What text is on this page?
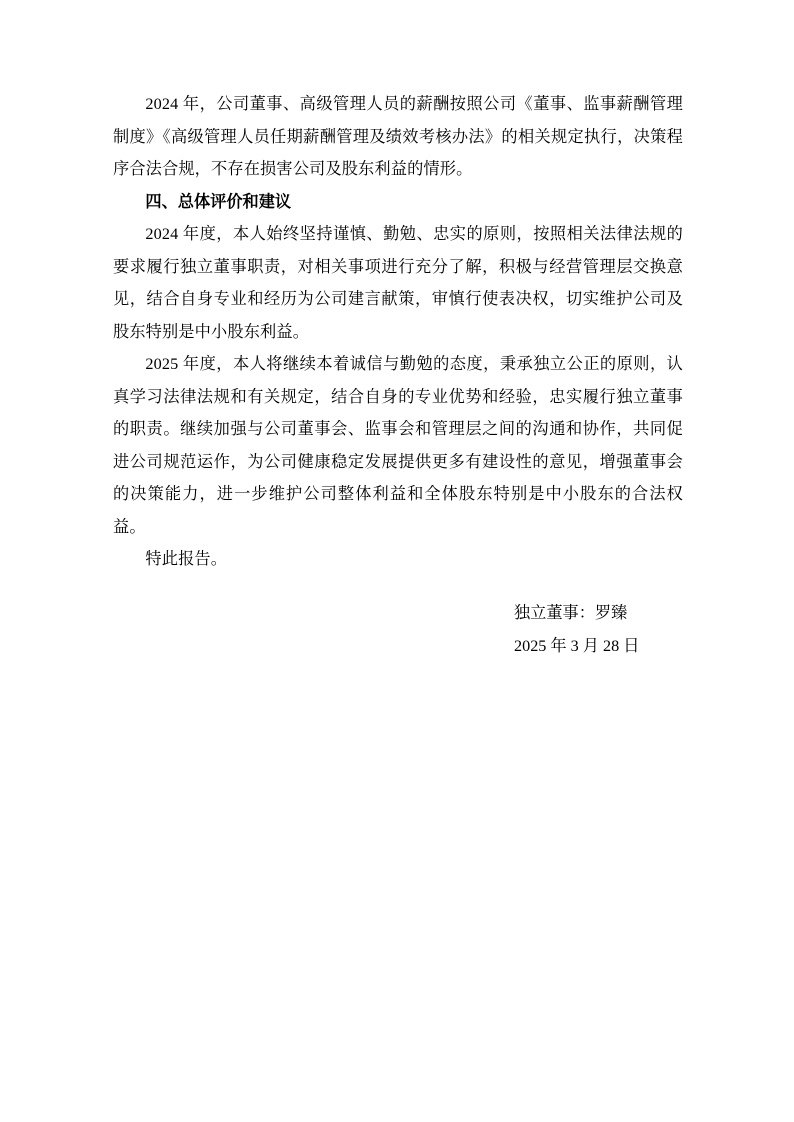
2024 年，公司董事、高级管理人员的薪酬按照公司《董事、监事薪酬管理制度》《高级管理人员任期薪酬管理及绩效考核办法》的相关规定执行，决策程序合法合规，不存在损害公司及股东利益的情形。

四、总体评价和建议

2024 年度，本人始终坚持谨慎、勤勉、忠实的原则，按照相关法律法规的要求履行独立董事职责，对相关事项进行充分了解，积极与经营管理层交换意见，结合自身专业和经历为公司建言献策，审慎行使表决权，切实维护公司及股东特别是中小股东利益。

2025 年度，本人将继续本着诚信与勤勉的态度，秉承独立公正的原则，认真学习法律法规和有关规定，结合自身的专业优势和经验，忠实履行独立董事的职责。继续加强与公司董事会、监事会和管理层之间的沟通和协作，共同促进公司规范运作，为公司健康稳定发展提供更多有建设性的意见，增强董事会的决策能力，进一步维护公司整体利益和全体股东特别是中小股东的合法权益。

特此报告。

独立董事：罗臻
2025 年 3 月 28 日
